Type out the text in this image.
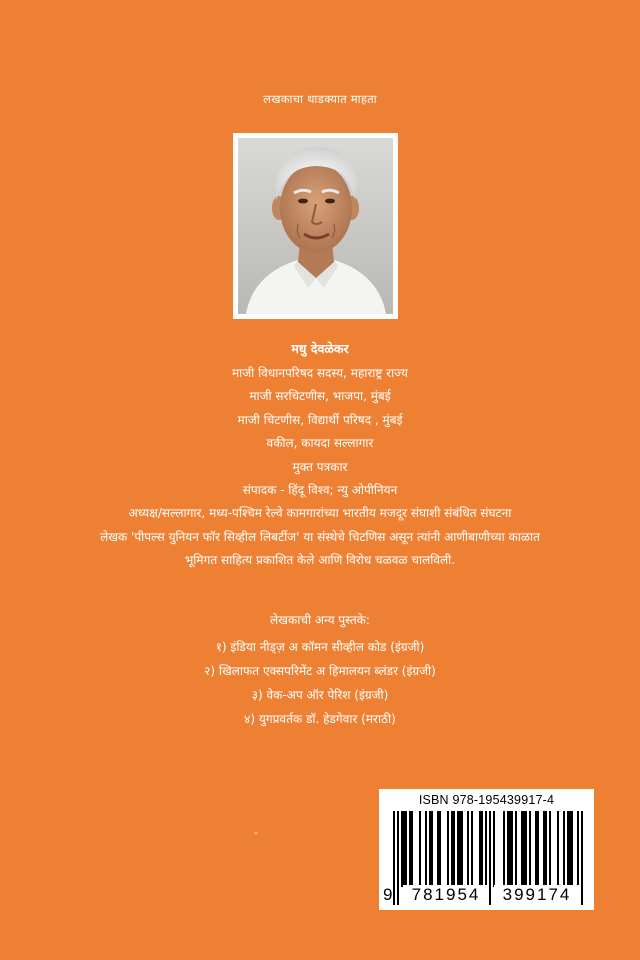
लखकाचा थाडक्यात माहता
मधु देवळेकर
माजी विधानपरिषद सदस्य, महाराष्ट्र राज्य
माजी सरचिटणीस, भाजपा, मुंबई
माजी चिटणीस, विद्यार्थी परिषद , मुंबई
वकील, कायदा सल्लागार
मुक्त पत्रकार
संपादक - हिंदू विश्व; न्यु ओपीनियन
अध्यक्ष/सल्लागार, मध्य-पश्चिम रेल्वे कामगारांच्या भारतीय मजदूर संघाशी संबंधित संघटना
लेखक 'पीपल्स युनियन फॉर सिव्हील लिबर्टीज' या संस्थेचे चिटणिस असून त्यांनी आणीबाणीच्या काळात
भूमिगत साहित्य प्रकाशित केले आणि विरोध चळवळ चालविली.
लेखकाची अन्य पुस्तके:
१) इंडिया नीड्ज़ अ कॉमन सीव्हील कोड (इंग्रजी)
२) खिलाफत एक्सपरिमेंट अ हिमालयन ब्लंडर (इंग्रजी)
३) वेक-अप ऑर पेरिश (इंग्रजी)
४) युगप्रवर्तक डॉ. हेडगेवार (मराठी)
-
ISBN 978-195439917-4
9	781954	399174
